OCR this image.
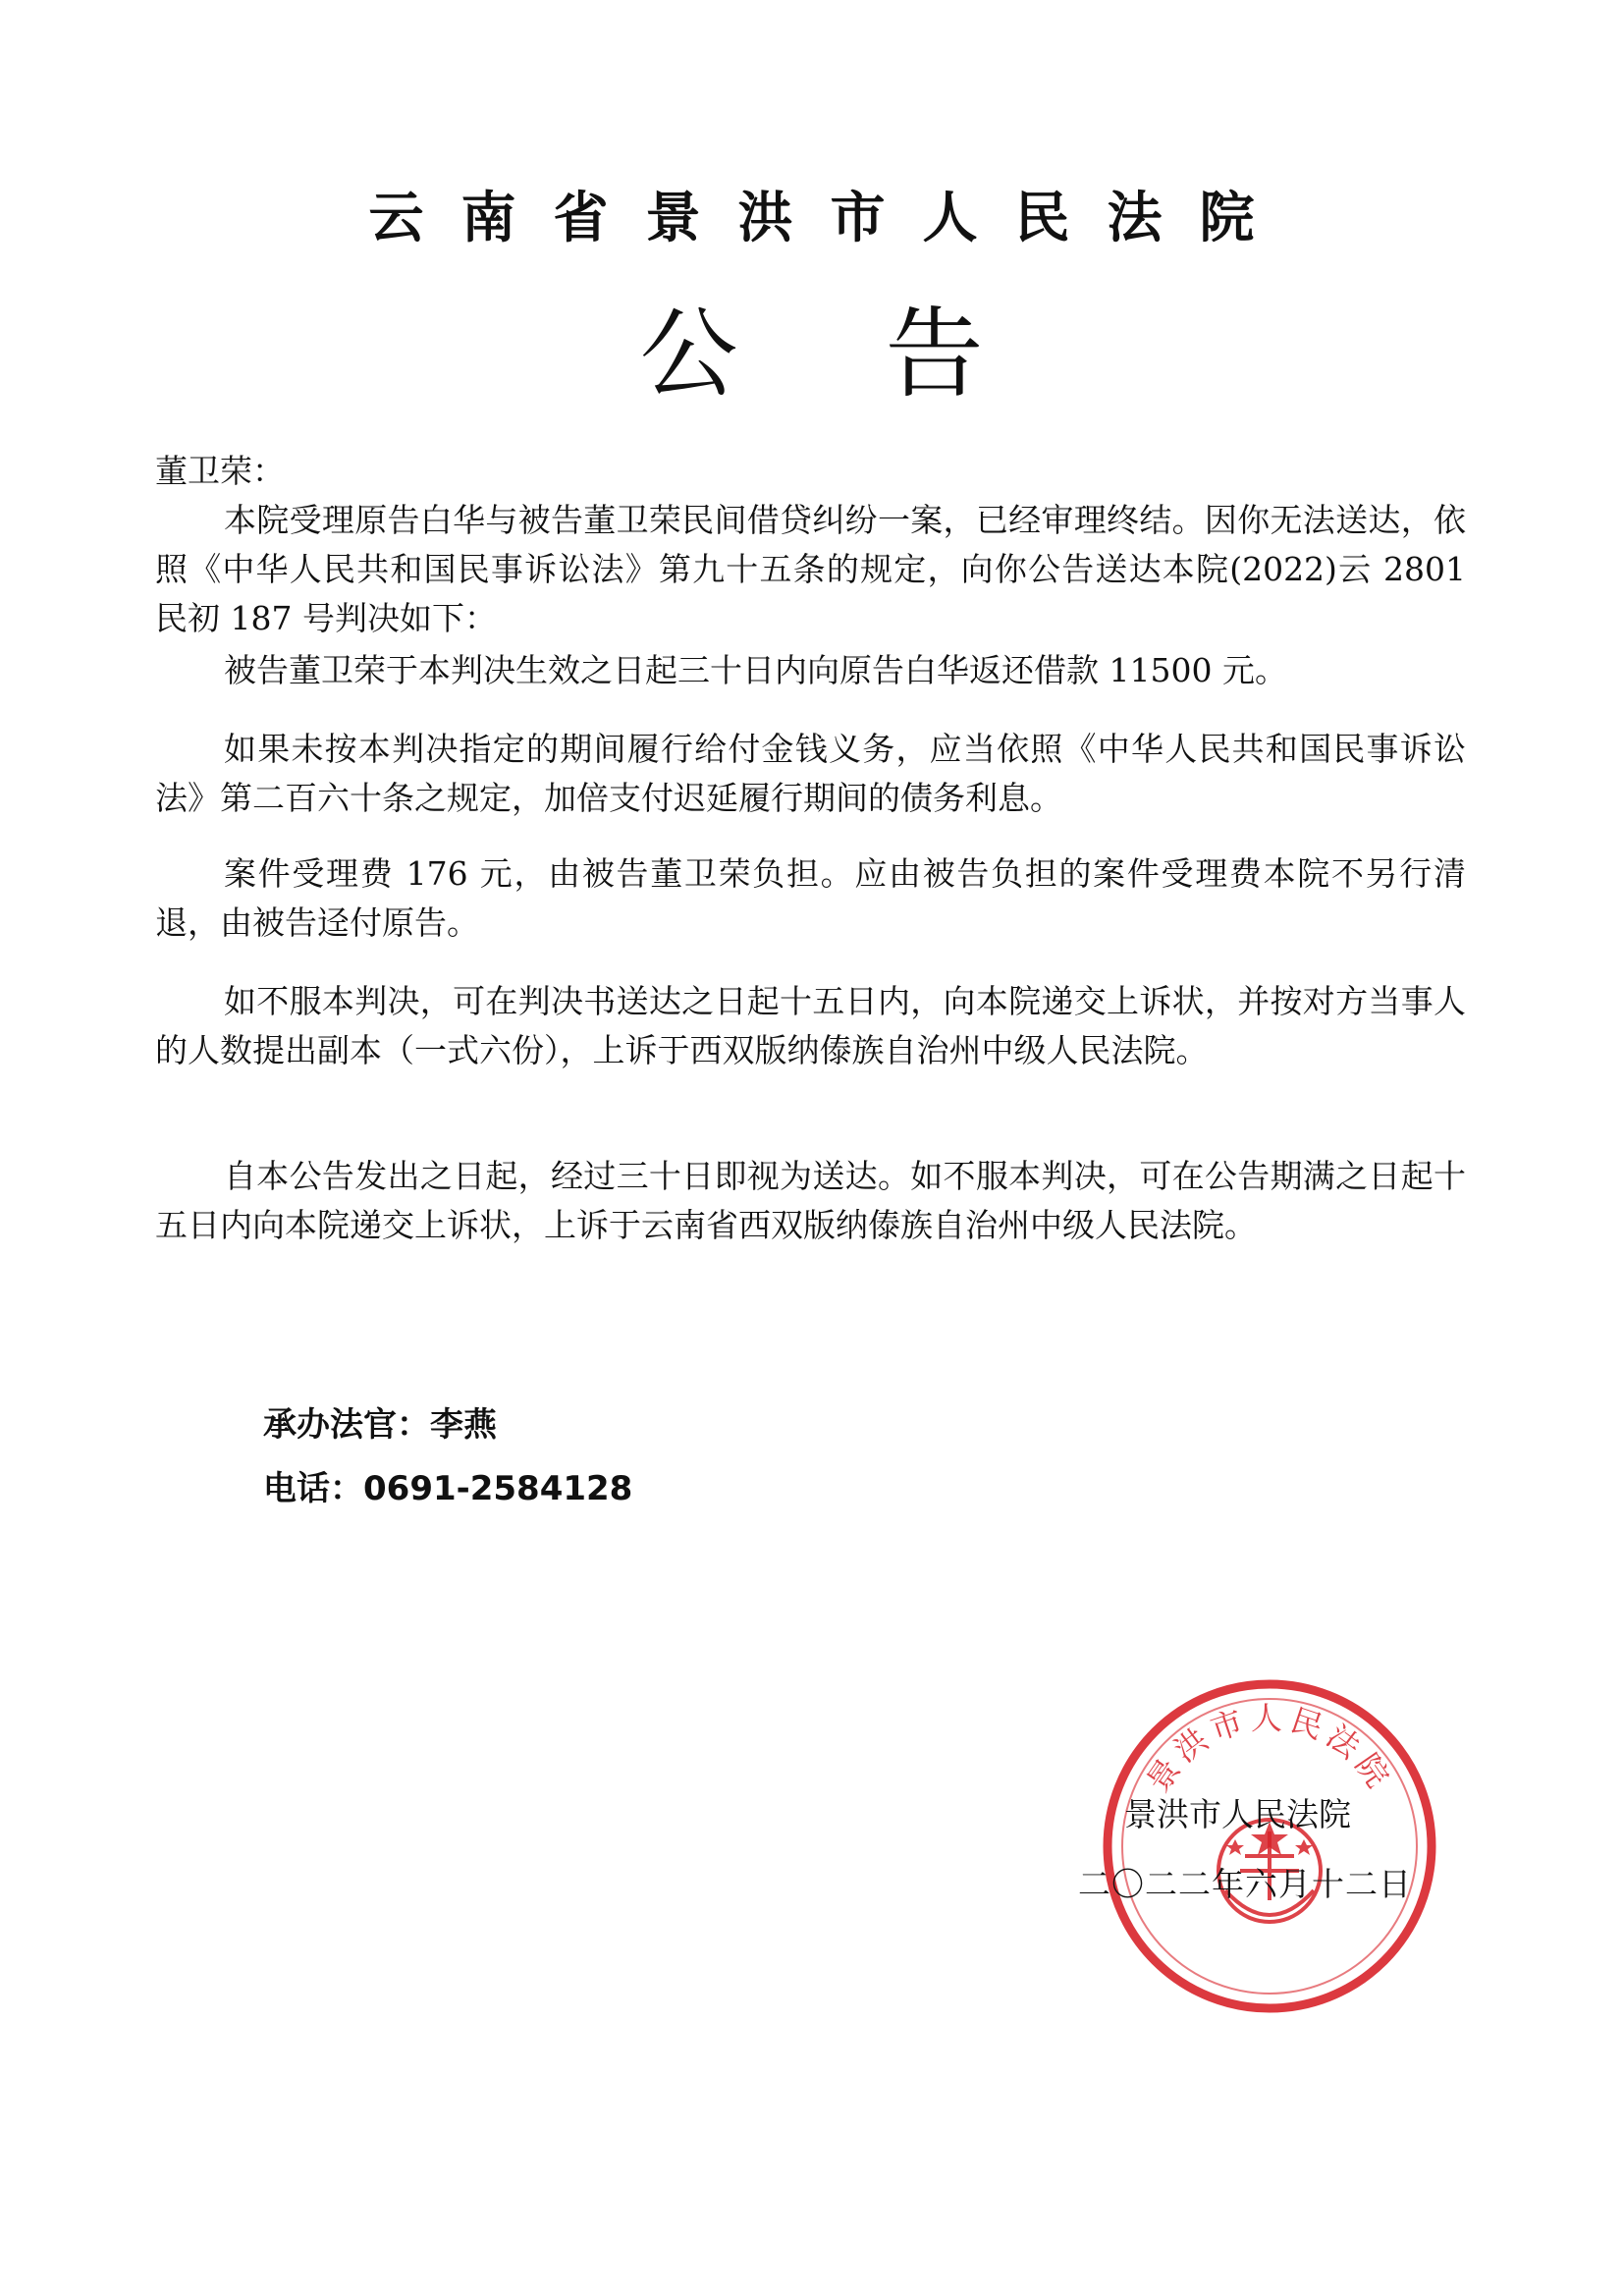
云南省景洪市人民法院
公告
董卫荣：

本院受理原告白华与被告董卫荣民间借贷纠纷一案，已经审理终结。因你无法送达，依照《中华人民共和国民事诉讼法》第九十五条的规定，向你公告送达本院(2022)云 2801 民初 187 号判决如下：

被告董卫荣于本判决生效之日起三十日内向原告白华返还借款 11500 元。

如果未按本判决指定的期间履行给付金钱义务，应当依照《中华人民共和国民事诉讼法》第二百六十条之规定，加倍支付迟延履行期间的债务利息。

案件受理费 176 元，由被告董卫荣负担。应由被告负担的案件受理费本院不另行清退，由被告迳付原告。

如不服本判决，可在判决书送达之日起十五日内，向本院递交上诉状，并按对方当事人的人数提出副本（一式六份），上诉于西双版纳傣族自治州中级人民法院。

自本公告发出之日起，经过三十日即视为送达。如不服本判决，可在公告期满之日起十五日内向本院递交上诉状，上诉于云南省西双版纳傣族自治州中级人民法院。

承办法官：李燕
电话：0691-2584128
景洪市人民法院
景洪市人民法院
二〇二二年六月十二日
